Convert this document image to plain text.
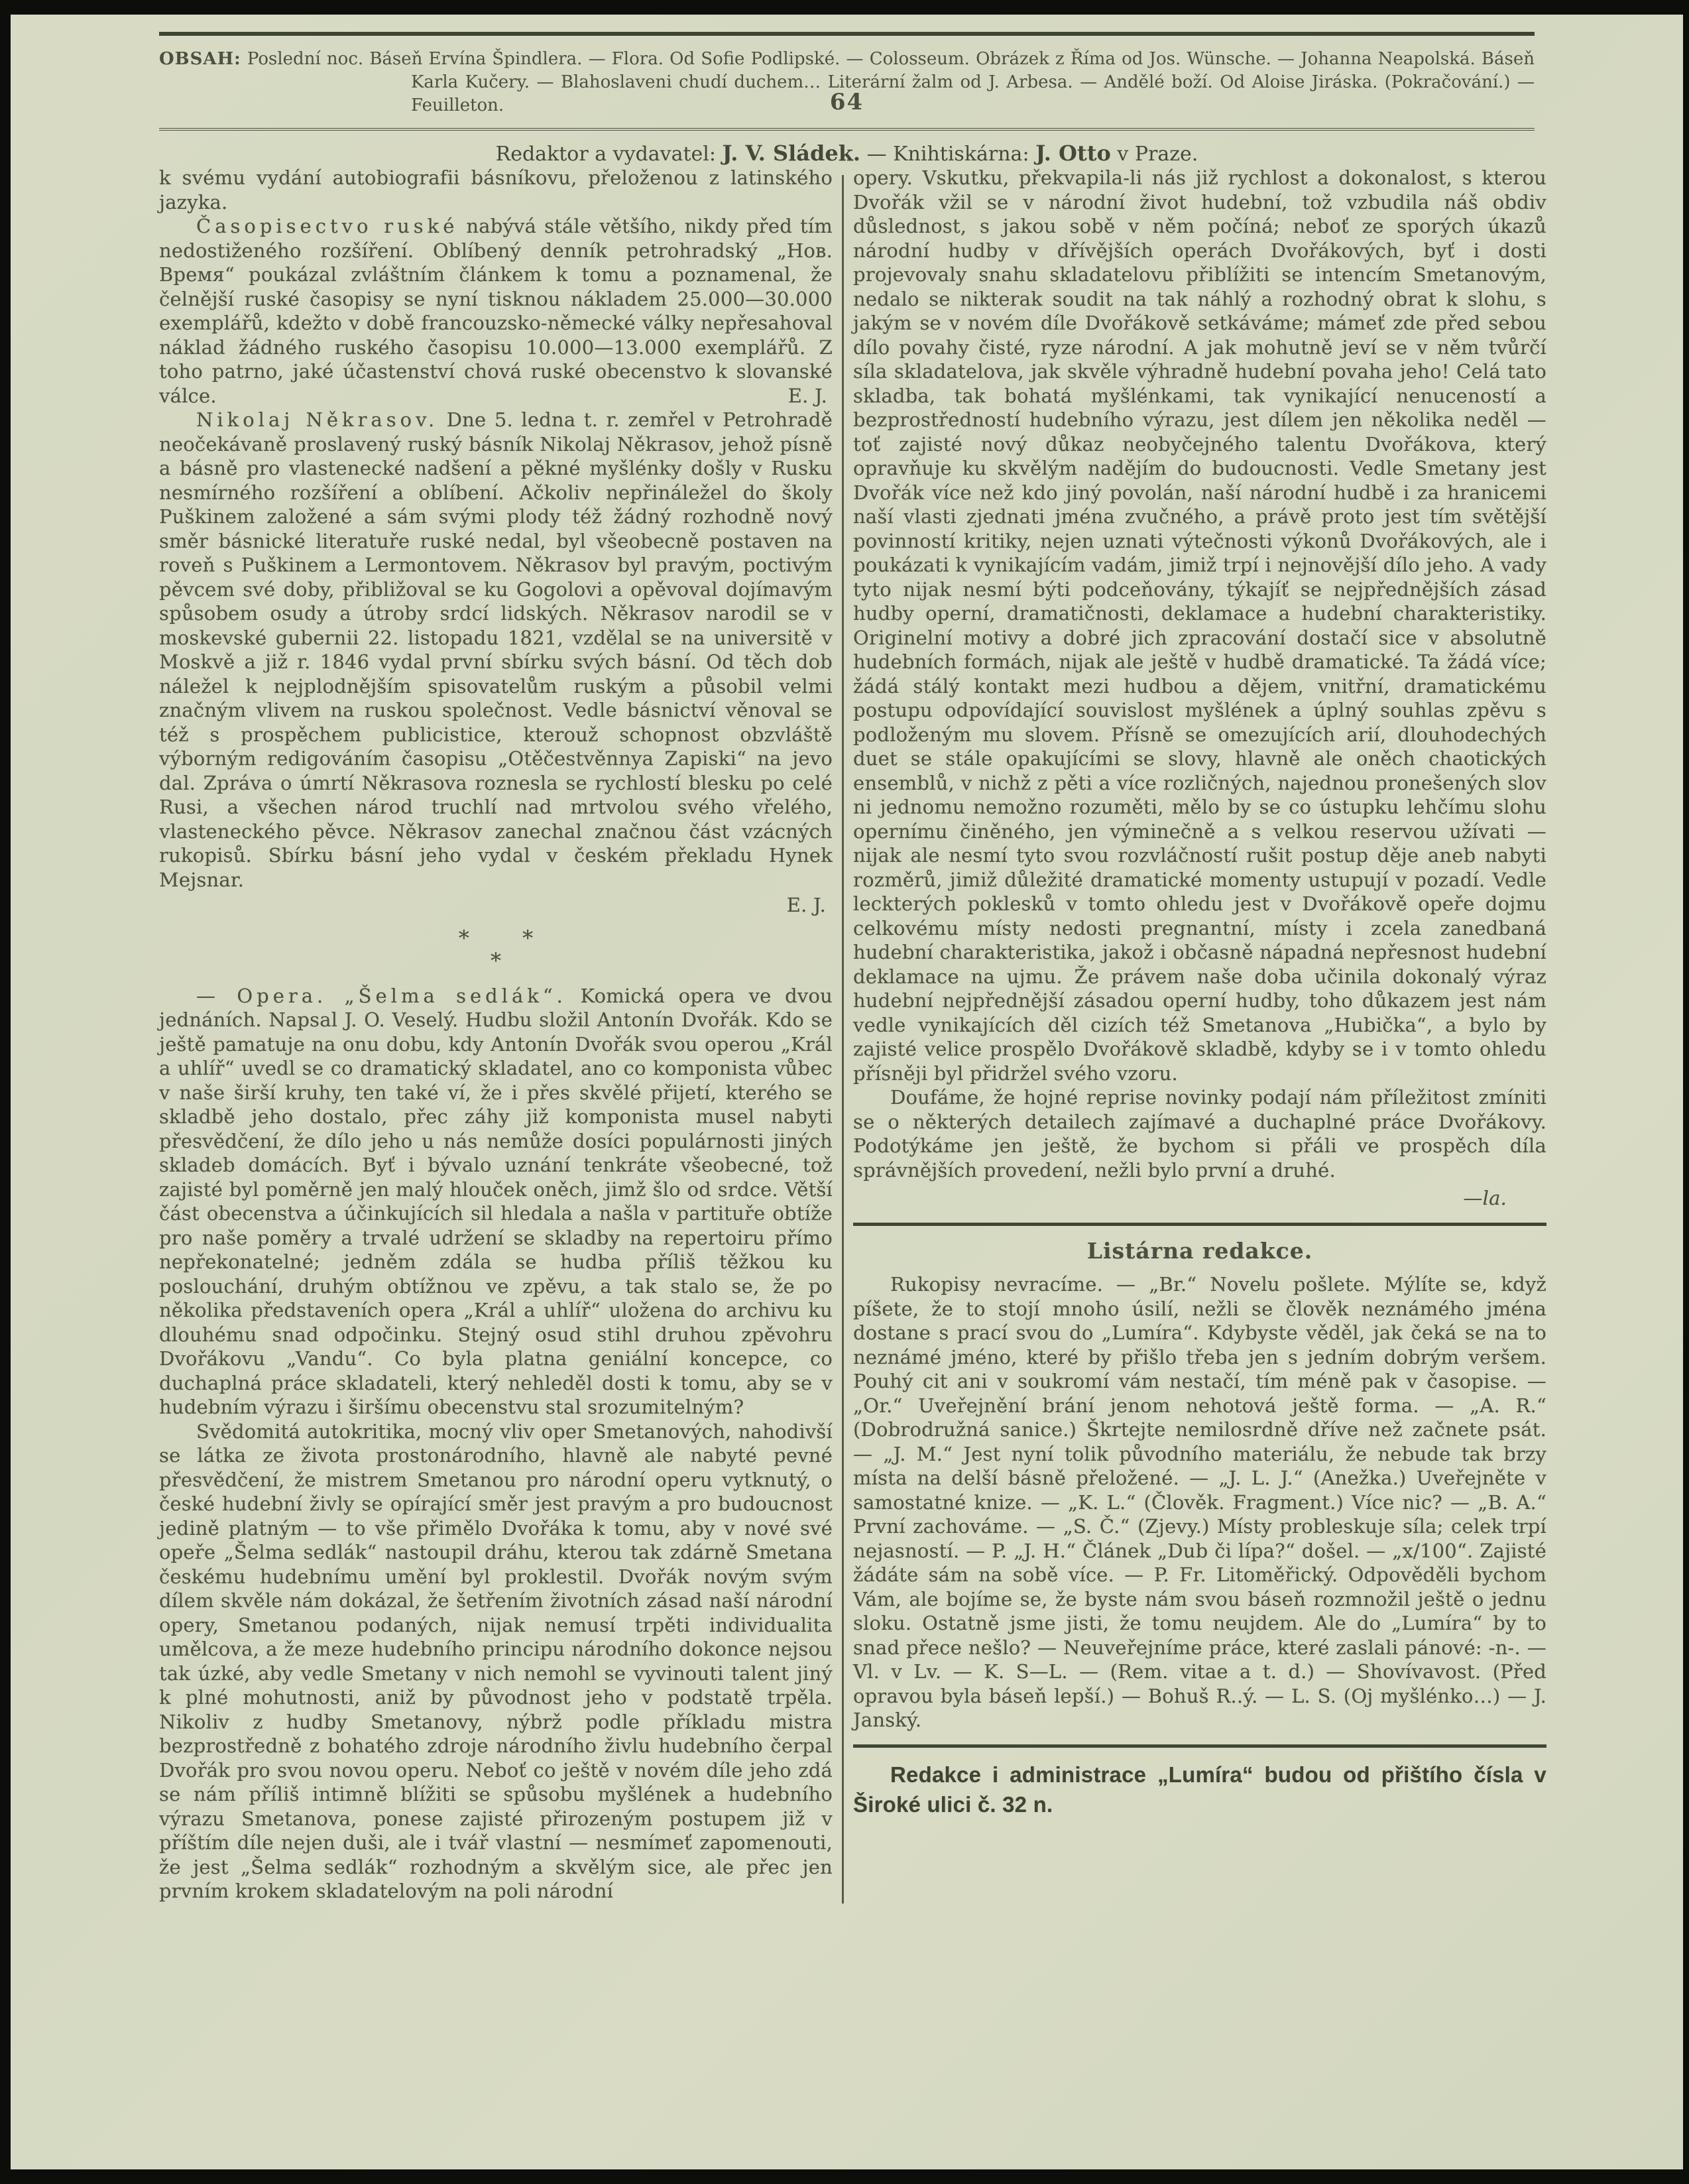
64

k svému vydání autobiografii básníkovu, přeloženou z latinského jazyka.

Časopisectvo ruské nabývá stále většího, nikdy před tím nedostiženého rozšíření. Oblíbený denník petrohradský „Нов. Время“ poukázal zvláštním článkem k tomu a poznamenal, že čelnější ruské časopisy se nyní tisknou nákladem 25.000—30.000 exemplářů, kdežto v době francouzsko-německé války nepřesahoval náklad žádného ruského časopisu 10.000—13.000 exemplářů. Z toho patrno, jaké účastenství chová ruské obecenstvo k slovanské válce.	E. J.

Nikolaj Někrasov. Dne 5. ledna t. r. zemřel v Petrohradě neočekávaně proslavený ruský básník Nikolaj Někrasov, jehož písně a básně pro vlastenecké nadšení a pěkné myšlénky došly v Rusku nesmírného rozšíření a oblíbení. Ačkoliv nepřináležel do školy Puškinem založené a sám svými plody též žádný rozhodně nový směr básnické literatuře ruské nedal, byl všeobecně postaven na roveň s Puškinem a Lermontovem. Někrasov byl pravým, poctivým pěvcem své doby, přibližoval se ku Gogolovi a opěvoval dojímavým spůsobem osudy a útroby srdcí lidských. Někrasov narodil se v moskevské gubernii 22. listopadu 1821, vzdělal se na universitě v Moskvě a již r. 1846 vydal první sbírku svých básní. Od těch dob náležel k nejplodnějším spisovatelům ruským a působil velmi značným vlivem na ruskou společnost. Vedle básnictví věnoval se též s prospěchem publicistice, kterouž schopnost obzvláště výborným redigováním časopisu „Otěčestvěnnya Zapiski“ na jevo dal. Zpráva o úmrtí Někrasova roznesla se rychlostí blesku po celé Rusi, a všechen národ truchlí nad mrtvolou svého vřelého, vlasteneckého pěvce. Někrasov zanechal značnou část vzácných rukopisů. Sbírku básní jeho vydal v českém překladu Hynek Mejsnar.

E. J.
* *
*

— Opera. „Šelma sedlák“. Komická opera ve dvou jednáních. Napsal J. O. Veselý. Hudbu složil Antonín Dvořák. Kdo se ještě pamatuje na onu dobu, kdy Antonín Dvořák svou operou „Král a uhlíř“ uvedl se co dramatický skladatel, ano co komponista vůbec v naše širší kruhy, ten také ví, že i přes skvělé přijetí, kterého se skladbě jeho dostalo, přec záhy již komponista musel nabyti přesvědčení, že dílo jeho u nás nemůže dosíci populárnosti jiných skladeb domácích. Byť i bývalo uznání tenkráte všeobecné, tož zajisté byl poměrně jen malý hlouček oněch, jimž šlo od srdce. Větší část obecenstva a účinkujících sil hledala a našla v partituře obtíže pro naše poměry a trvalé udržení se skladby na repertoiru přímo nepřekonatelné; jedněm zdála se hudba příliš těžkou ku poslouchání, druhým obtížnou ve zpěvu, a tak stalo se, že po několika představeních opera „Král a uhlíř“ uložena do archivu ku dlouhému snad odpočinku. Stejný osud stihl druhou zpěvohru Dvořákovu „Vandu“. Co byla platna geniální koncepce, co duchaplná práce skladateli, který nehleděl dosti k tomu, aby se v hudebním výrazu i širšímu obecenstvu stal srozumitelným?

Svědomitá autokritika, mocný vliv oper Smetanových, nahodivší se látka ze života prostonárodního, hlavně ale nabyté pevné přesvědčení, že mistrem Smetanou pro národní operu vytknutý, o české hudební živly se opírající směr jest pravým a pro budoucnost jedině platným — to vše přimělo Dvořáka k tomu, aby v nové své opeře „Šelma sedlák“ nastoupil dráhu, kterou tak zdárně Smetana českému hudebnímu umění byl proklestil. Dvořák novým svým dílem skvěle nám dokázal, že šetřením životních zásad naší národní opery, Smetanou podaných, nijak nemusí trpěti individualita umělcova, a že meze hudebního principu národního dokonce nejsou tak úzké, aby vedle Smetany v nich nemohl se vyvinouti talent jiný k plné mohutnosti, aniž by původnost jeho v podstatě trpěla. Nikoliv z hudby Smetanovy, nýbrž podle příkladu mistra bezprostředně z bohatého zdroje národního živlu hudebního čerpal Dvořák pro svou novou operu. Neboť co ještě v novém díle jeho zdá se nám příliš intimně blížiti se spůsobu myšlének a hudebního výrazu Smetanova, ponese zajisté přirozeným postupem již v příštím díle nejen duši, ale i tvář vlastní — nesmímeť zapomenouti, že jest „Šelma sedlák“ rozhodným a skvělým sice, ale přec jen prvním krokem skladatelovým na poli národní

opery. Vskutku, překvapila-li nás již rychlost a dokonalost, s kterou Dvořák vžil se v národní život hudební, tož vzbudila náš obdiv důslednost, s jakou sobě v něm počíná; neboť ze sporých úkazů národní hudby v dřívějších operách Dvořákových, byť i dosti projevovaly snahu skladatelovu přiblížiti se intencím Smetanovým, nedalo se nikterak soudit na tak náhlý a rozhodný obrat k slohu, s jakým se v novém díle Dvořákově setkáváme; mámeť zde před sebou dílo povahy čisté, ryze národní. A jak mohutně jeví se v něm tvůrčí síla skladatelova, jak skvěle výhradně hudební povaha jeho! Celá tato skladba, tak bohatá myšlénkami, tak vynikající nenuceností a bezprostředností hudebního výrazu, jest dílem jen několika neděl — toť zajisté nový důkaz neobyčejného talentu Dvořákova, který opravňuje ku skvělým nadějím do budoucnosti. Vedle Smetany jest Dvořák více než kdo jiný povolán, naší národní hudbě i za hranicemi naší vlasti zjednati jména zvučného, a právě proto jest tím světější povinností kritiky, nejen uznati výtečnosti výkonů Dvořákových, ale i poukázati k vynikajícím vadám, jimiž trpí i nejnovější dílo jeho. A vady tyto nijak nesmí býti podceňovány, týkajíť se nejpřednějších zásad hudby operní, dramatičnosti, deklamace a hudební charakteristiky. Originelní motivy a dobré jich zpracování dostačí sice v absolutně hudebních formách, nijak ale ještě v hudbě dramatické. Ta žádá více; žádá stálý kontakt mezi hudbou a dějem, vnitřní, dramatickému postupu odpovídající souvislost myšlének a úplný souhlas zpěvu s podloženým mu slovem. Přísně se omezujících arií, dlouhodechých duet se stále opakujícími se slovy, hlavně ale oněch chaotických ensemblů, v nichž z pěti a více rozličných, najednou pronešených slov ni jednomu nemožno rozuměti, mělo by se co ústupku lehčímu slohu opernímu činěného, jen výminečně a s velkou reservou užívati — nijak ale nesmí tyto svou rozvláčností rušit postup děje aneb nabyti rozměrů, jimiž důležité dramatické momenty ustupují v pozadí. Vedle leckterých poklesků v tomto ohledu jest v Dvořákově opeře dojmu celkovému místy nedosti pregnantní, místy i zcela zanedbaná hudební charakteristika, jakož i občasně nápadná nepřesnost hudební deklamace na ujmu. Že právem naše doba učinila dokonalý výraz hudební nejpřednější zásadou operní hudby, toho důkazem jest nám vedle vynikajících děl cizích též Smetanova „Hubička“, a bylo by zajisté velice prospělo Dvořákově skladbě, kdyby se i v tomto ohledu přísněji byl přidržel svého vzoru.

Doufáme, že hojné reprise novinky podají nám příležitost zmíniti se o některých detailech zajímavé a duchaplné práce Dvořákovy. Podotýkáme jen ještě, že bychom si přáli ve prospěch díla správnějších provedení, nežli bylo první a druhé.

—la.

Listárna redakce.

Rukopisy nevracíme. — „Br.“ Novelu pošlete. Mýlíte se, když píšete, že to stojí mnoho úsilí, nežli se člověk neznámého jména dostane s prací svou do „Lumíra“. Kdybyste věděl, jak čeká se na to neznámé jméno, které by přišlo třeba jen s jedním dobrým veršem. Pouhý cit ani v soukromí vám nestačí, tím méně pak v časopise. — „Or.“ Uveřejnění brání jenom nehotová ještě forma. — „A. R.“ (Dobrodružná sanice.) Škrtejte nemilosrdně dříve než začnete psát. — „J. M.“ Jest nyní tolik původního materiálu, že nebude tak brzy místa na delší básně přeložené. — „J. L. J.“ (Anežka.) Uveřejněte v samostatné knize. — „K. L.“ (Člověk. Fragment.) Více nic? — „B. A.“ První zachováme. — „S. Č.“ (Zjevy.) Místy probleskuje síla; celek trpí nejasností. — P. „J. H.“ Článek „Dub či lípa?“ došel. — „x/100“. Zajisté žádáte sám na sobě více. — P. Fr. Litoměřický. Odpověděli bychom Vám, ale bojíme se, že byste nám svou báseň rozmnožil ještě o jednu sloku. Ostatně jsme jisti, že tomu neujdem. Ale do „Lumíra“ by to snad přece nešlo? — Neuveřejníme práce, které zaslali pánové: -n-. — Vl. v Lv. — K. S—L. — (Rem. vitae a t. d.) — Shovívavost. (Před opravou byla báseň lepší.) — Bohuš R..ý. — L. S. (Oj myšlénko…) — J. Janský.

Redakce i administrace „Lumíra“ budou od přištího čísla v Široké ulici č. 32 n.

OBSAH: Poslední noc. Báseň Ervína Špindlera. — Flora. Od Sofie Podlipské. — Colosseum. Obrázek z Říma od Jos. Wünsche. — Johanna Neapolská. Báseň Karla Kučery. — Blahoslaveni chudí duchem… Literární žalm od J. Arbesa. — Andělé boží. Od Aloise Jiráska. (Pokračování.) — Feuilleton.

Redaktor a vydavatel: J. V. Sládek. — Knihtiskárna: J. Otto v Praze.
